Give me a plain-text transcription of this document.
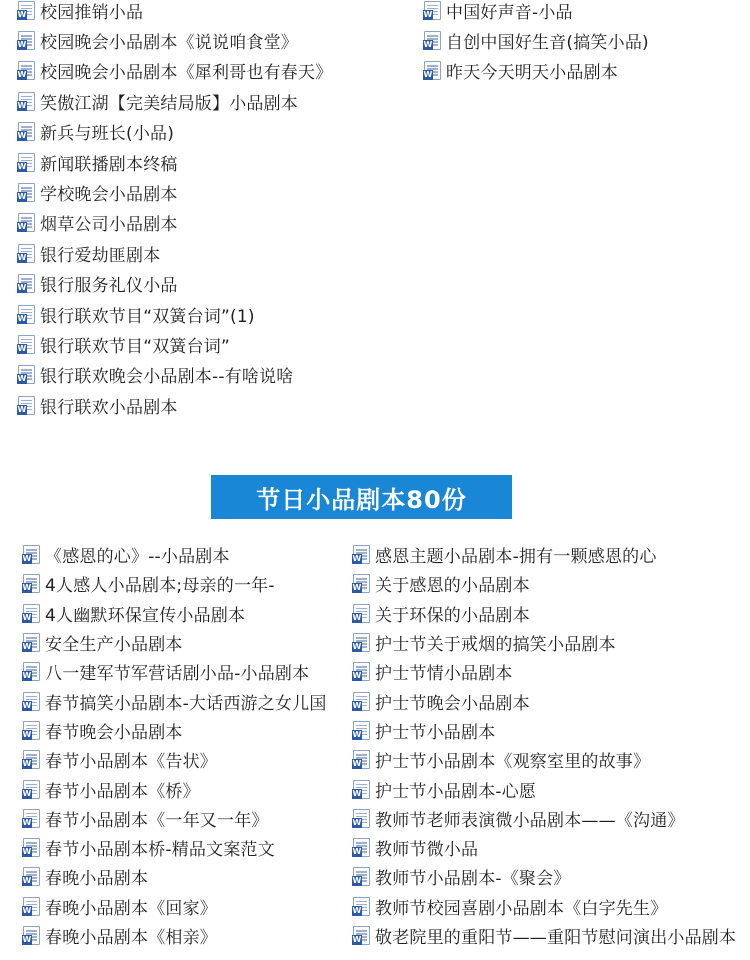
W 校园推销小品
W 校园晚会小品剧本《说说咱食堂》
W 校园晚会小品剧本《犀利哥也有春天》
W 笑傲江湖【完美结局版】小品剧本
W 新兵与班长(小品)
W 新闻联播剧本终稿
W 学校晚会小品剧本
W 烟草公司小品剧本
W 银行爱劫匪剧本
W 银行服务礼仪小品
W 银行联欢节目“双簧台词”(1)
W 银行联欢节目“双簧台词”
W 银行联欢晚会小品剧本--有啥说啥
W 银行联欢小品剧本
W 中国好声音-小品
W 自创中国好生音(搞笑小品)
W 昨天今天明天小品剧本
节日小品剧本80份
W 《感恩的心》--小品剧本
W 4人感人小品剧本;母亲的一年-
W 4人幽默环保宣传小品剧本
W 安全生产小品剧本
W 八一建军节军营话剧小品-小品剧本
W 春节搞笑小品剧本-大话西游之女儿国
W 春节晚会小品剧本
W 春节小品剧本《告状》
W 春节小品剧本《桥》
W 春节小品剧本《一年又一年》
W 春节小品剧本桥-精品文案范文
W 春晚小品剧本
W 春晚小品剧本《回家》
W 春晚小品剧本《相亲》
W 感恩主题小品剧本-拥有一颗感恩的心
W 关于感恩的小品剧本
W 关于环保的小品剧本
W 护士节关于戒烟的搞笑小品剧本
W 护士节情小品剧本
W 护士节晚会小品剧本
W 护士节小品剧本
W 护士节小品剧本《观察室里的故事》
W 护士节小品剧本-心愿
W 教师节老师表演微小品剧本——《沟通》
W 教师节微小品
W 教师节小品剧本-《聚会》
W 教师节校园喜剧小品剧本《白字先生》
W 敬老院里的重阳节——重阳节慰问演出小品剧本
